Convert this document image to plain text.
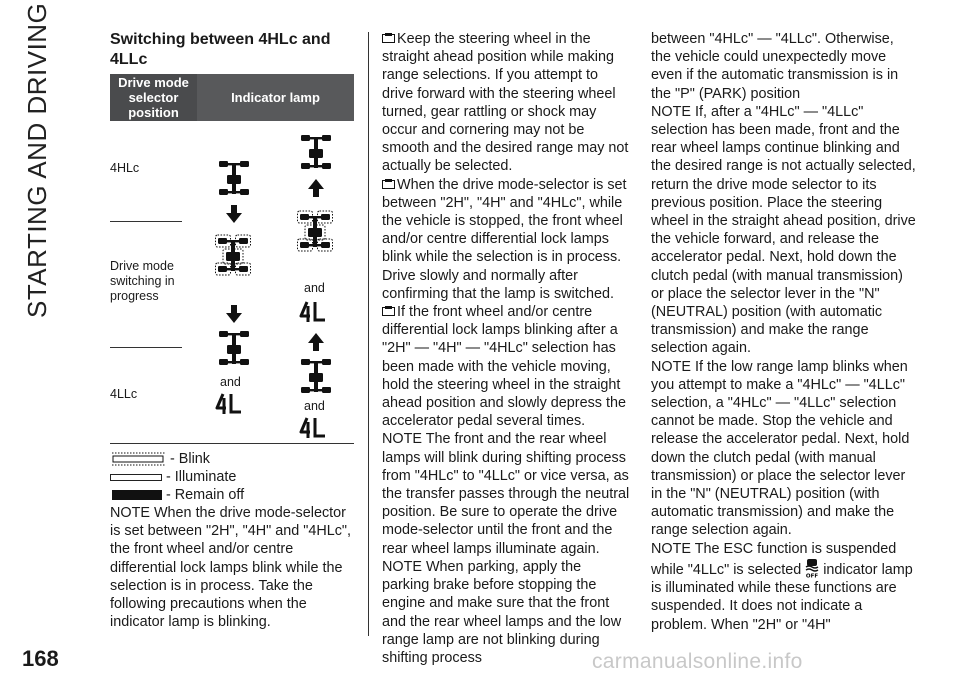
STARTING AND DRIVING	Switching between 4HLc and 4LLc
Drive mode selector position
Indicator lamp
4HLc
Drive mode switching in progress
4LLc
and
and
and
- Blink
- Illuminate
- Remain off

NOTE When the drive mode-selector is set between "2H", "4H" and "4HLc", the front wheel and/or centre differential lock lamps blink while the selection is in process. Take the following precautions when the indicator lamp is blinking.

Keep the steering wheel in the straight ahead position while making range selections. If you attempt to drive forward with the steering wheel turned, gear rattling or shock may occur and cornering may not be smooth and the desired range may not actually be selected.

When the drive mode-selector is set between "2H", "4H" and "4HLc", while the vehicle is stopped, the front wheel and/or centre differential lock lamps blink while the selection is in process. Drive slowly and normally after confirming that the lamp is switched.

If the front wheel and/or centre differential lock lamps blinking after a "2H" — "4H" — "4HLc" selection has been made with the vehicle moving, hold the steering wheel in the straight ahead position and slowly depress the accelerator pedal several times.

NOTE The front and the rear wheel lamps will blink during shifting process from "4HLc" to "4LLc" or vice versa, as the transfer passes through the neutral position. Be sure to operate the drive mode-selector until the front and the rear wheel lamps illuminate again.

NOTE When parking, apply the parking brake before stopping the engine and make sure that the front and the rear wheel lamps and the low range lamp are not blinking during shifting process

between "4HLc" — "4LLc". Otherwise, the vehicle could unexpectedly move even if the automatic transmission is in the "P" (PARK) position

NOTE If, after a "4HLc" — "4LLc" selection has been made, front and the rear wheel lamps continue blinking and the desired range is not actually selected, return the drive mode selector to its previous position. Place the steering wheel in the straight ahead position, drive the vehicle forward, and release the accelerator pedal. Next, hold down the clutch pedal (with manual transmission) or place the selector lever in the "N" (NEUTRAL) position (with automatic transmission) and make the range selection again.

NOTE If the low range lamp blinks when you attempt to make a "4HLc" — "4LLc" selection, a "4HLc" — "4LLc" selection cannot be made. Stop the vehicle and release the accelerator pedal. Next, hold down the clutch pedal (with manual transmission) or place the selector lever in the "N" (NEUTRAL) position (with automatic transmission) and make the range selection again.

NOTE The ESC function is suspended while "4LLc" is selected OFF indicator lamp is illuminated while these functions are suspended. It does not indicate a problem. When "2H" or "4H"

168	carmanualsonline.info
